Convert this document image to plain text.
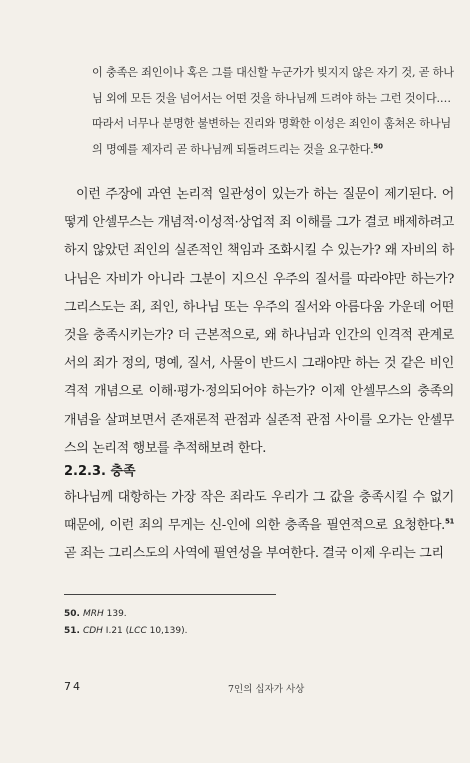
이 충족은 죄인이나 혹은 그를 대신할 누군가가 빚지지 않은 자기 것, 곧 하나

님 외에 모든 것을 넘어서는 어떤 것을 하나님께 드려야 하는 그런 것이다.…

따라서 너무나 분명한 불변하는 진리와 명확한 이성은 죄인이 훔쳐온 하나님

의 명예를 제자리 곧 하나님께 되돌려드리는 것을 요구한다.$^{50}$

이런 주장에 과연 논리적 일관성이 있는가 하는 질문이 제기된다. 어떻게 안셀무스는 개념적·이성적·상업적 죄 이해를 그가 결코 배제하려고 하지 않았던 죄인의 실존적인 책임과 조화시킬 수 있는가? 왜 자비의 하나님은 자비가 아니라 그분이 지으신 우주의 질서를 따라야만 하는가? 그리스도는 죄, 죄인, 하나님 또는 우주의 질서와 아름다움 가운데 어떤 것을 충족시키는가? 더 근본적으로, 왜 하나님과 인간의 인격적 관계로서의 죄가 정의, 명예, 질서, 사물이 반드시 그래야만 하는 것 같은 비인격적 개념으로 이해·평가·정의되어야 하는가? 이제 안셀무스의 충족의 개념을 살펴보면서 존재론적 관점과 실존적 관점 사이를 오가는 안셀무스의 논리적 행보를 추적해보려 한다.

2.2.3. 충족

하나님께 대항하는 가장 작은 죄라도 우리가 그 값을 충족시킬 수 없기 때문에, 이런 죄의 무게는 신-인에 의한 충족을 필연적으로 요청한다.$^{51}$ 곧 죄는 그리스도의 사역에 필연성을 부여한다. 결국 이제 우리는 그리

50. MRH 139.
51. CDH I.21 (LCC 10,139).
74	7인의 십자가 사상
